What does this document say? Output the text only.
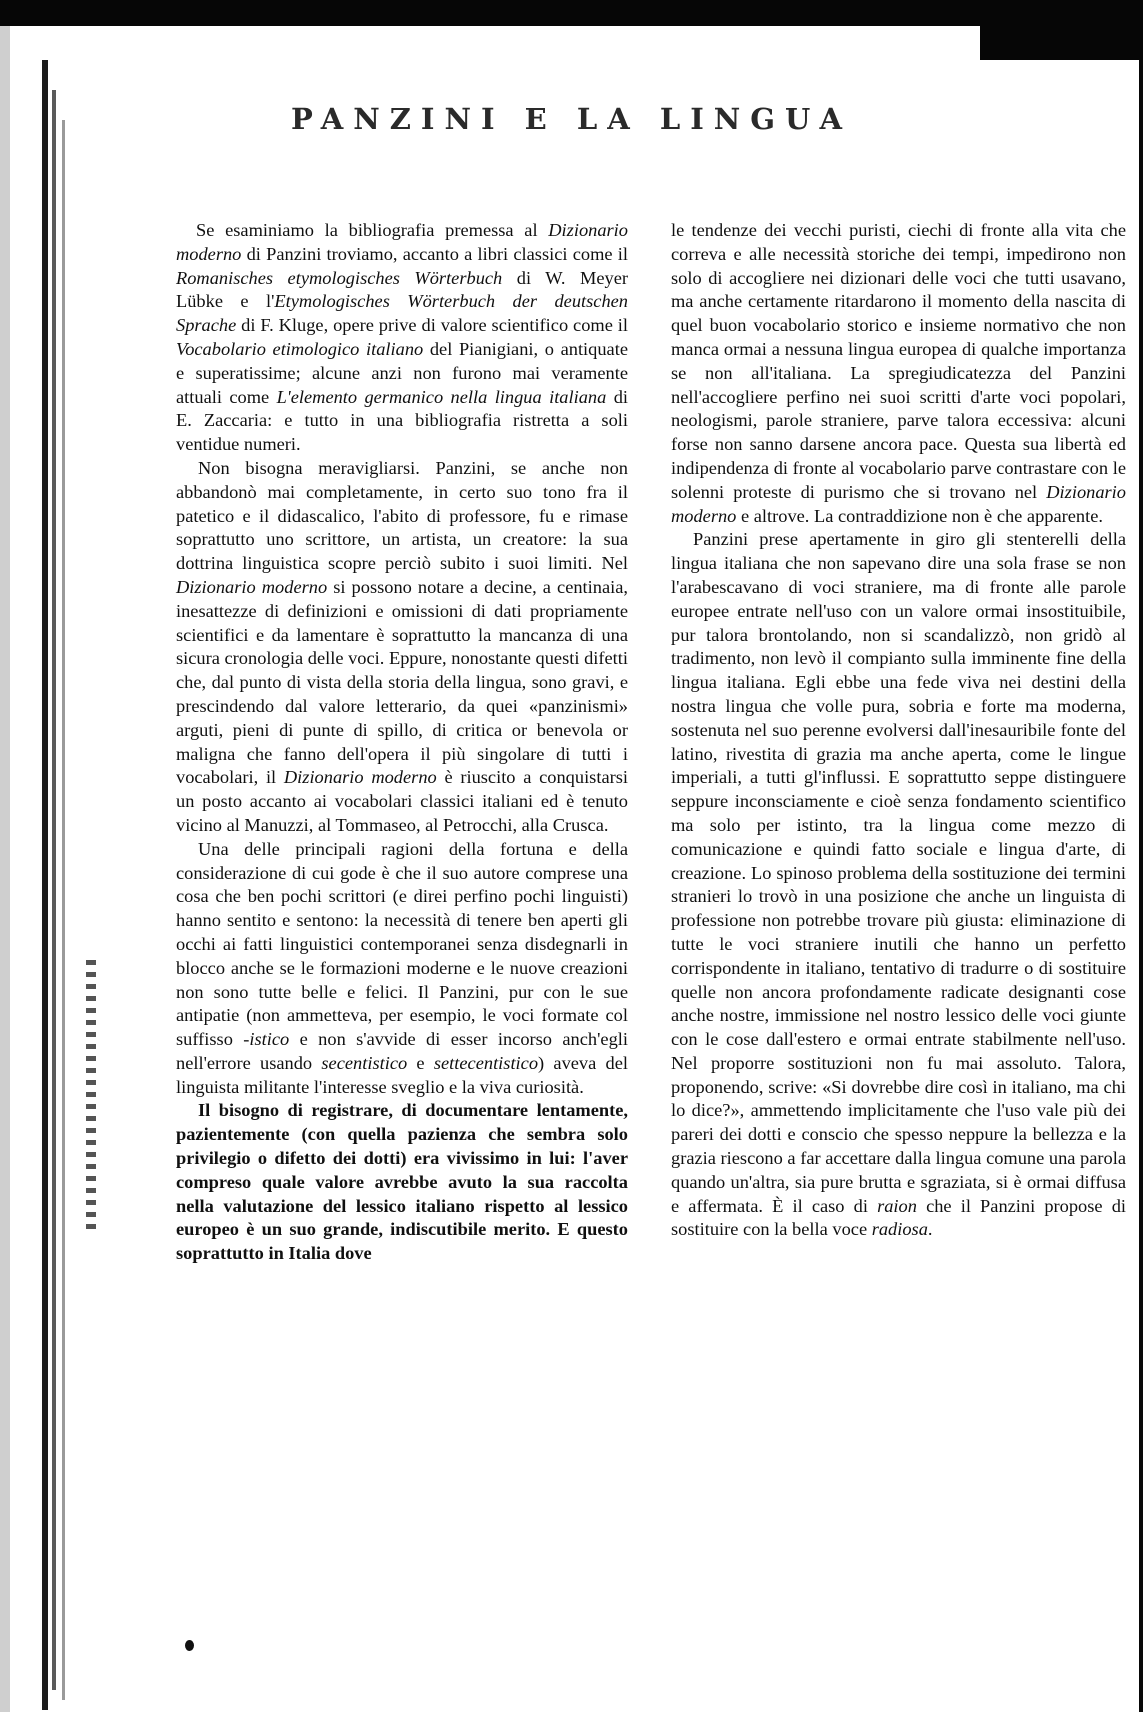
PANZINI E LA LINGUA

Se esaminiamo la bibliografia premessa al Dizionario moderno di Panzini troviamo, accanto a libri classici come il Romanisches etymologisches Wörterbuch di W. Meyer Lübke e l'Etymologisches Wörterbuch der deutschen Sprache di F. Kluge, opere prive di valore scientifico come il Vocabolario etimologico italiano del Pianigiani, o antiquate e superatissime; alcune anzi non furono mai veramente attuali come L'elemento germanico nella lingua italiana di E. Zaccaria: e tutto in una bibliografia ristretta a soli ventidue numeri.

Non bisogna meravigliarsi. Panzini, se anche non abbandonò mai completamente, in certo suo tono fra il patetico e il didascalico, l'abito di professore, fu e rimase soprattutto uno scrittore, un artista, un creatore: la sua dottrina linguistica scopre perciò subito i suoi limiti. Nel Dizionario moderno si possono notare a decine, a centinaia, inesattezze di definizioni e omissioni di dati propriamente scientifici e da lamentare è soprattutto la mancanza di una sicura cronologia delle voci. Eppure, nonostante questi difetti che, dal punto di vista della storia della lingua, sono gravi, e prescindendo dal valore letterario, da quei «panzinismi» arguti, pieni di punte di spillo, di critica or benevola or maligna che fanno dell'opera il più singolare di tutti i vocabolari, il Dizionario moderno è riuscito a conquistarsi un posto accanto ai vocabolari classici italiani ed è tenuto vicino al Manuzzi, al Tommaseo, al Petrocchi, alla Crusca.

Una delle principali ragioni della fortuna e della considerazione di cui gode è che il suo autore comprese una cosa che ben pochi scrittori (e direi perfino pochi linguisti) hanno sentito e sentono: la necessità di tenere ben aperti gli occhi ai fatti linguistici contemporanei senza disdegnarli in blocco anche se le formazioni moderne e le nuove creazioni non sono tutte belle e felici. Il Panzini, pur con le sue antipatie (non ammetteva, per esempio, le voci formate col suffisso -istico e non s'avvide di esser incorso anch'egli nell'errore usando secentistico e settecentistico) aveva del linguista militante l'interesse sveglio e la viva curiosità.

Il bisogno di registrare, di documentare lentamente, pazientemente (con quella pazienza che sembra solo privilegio o difetto dei dotti) era vivissimo in lui: l'aver compreso quale valore avrebbe avuto la sua raccolta nella valutazione del lessico italiano rispetto al lessico europeo è un suo grande, indiscutibile merito. E questo soprattutto in Italia dove

le tendenze dei vecchi puristi, ciechi di fronte alla vita che correva e alle necessità storiche dei tempi, impedirono non solo di accogliere nei dizionari delle voci che tutti usavano, ma anche certamente ritardarono il momento della nascita di quel buon vocabolario storico e insieme normativo che non manca ormai a nessuna lingua europea di qualche importanza se non all'italiana. La spregiudicatezza del Panzini nell'accogliere perfino nei suoi scritti d'arte voci popolari, neologismi, parole straniere, parve talora eccessiva: alcuni forse non sanno darsene ancora pace. Questa sua libertà ed indipendenza di fronte al vocabolario parve contrastare con le solenni proteste di purismo che si trovano nel Dizionario moderno e altrove. La contraddizione non è che apparente.

Panzini prese apertamente in giro gli stenterelli della lingua italiana che non sapevano dire una sola frase se non l'arabescavano di voci straniere, ma di fronte alle parole europee entrate nell'uso con un valore ormai insostituibile, pur talora brontolando, non si scandalizzò, non gridò al tradimento, non levò il compianto sulla imminente fine della lingua italiana. Egli ebbe una fede viva nei destini della nostra lingua che volle pura, sobria e forte ma moderna, sostenuta nel suo perenne evolversi dall'inesauribile fonte del latino, rivestita di grazia ma anche aperta, come le lingue imperiali, a tutti gl'influssi. E soprattutto seppe distinguere seppure inconsciamente e cioè senza fondamento scientifico ma solo per istinto, tra la lingua come mezzo di comunicazione e quindi fatto sociale e lingua d'arte, di creazione. Lo spinoso problema della sostituzione dei termini stranieri lo trovò in una posizione che anche un linguista di professione non potrebbe trovare più giusta: eliminazione di tutte le voci straniere inutili che hanno un perfetto corrispondente in italiano, tentativo di tradurre o di sostituire quelle non ancora profondamente radicate designanti cose anche nostre, immissione nel nostro lessico delle voci giunte con le cose dall'estero e ormai entrate stabilmente nell'uso. Nel proporre sostituzioni non fu mai assoluto. Talora, proponendo, scrive: «Si dovrebbe dire così in italiano, ma chi lo dice?», ammettendo implicitamente che l'uso vale più dei pareri dei dotti e conscio che spesso neppure la bellezza e la grazia riescono a far accettare dalla lingua comune una parola quando un'altra, sia pure brutta e sgraziata, si è ormai diffusa e affermata. È il caso di raion che il Panzini propose di sostituire con la bella voce radiosa.
